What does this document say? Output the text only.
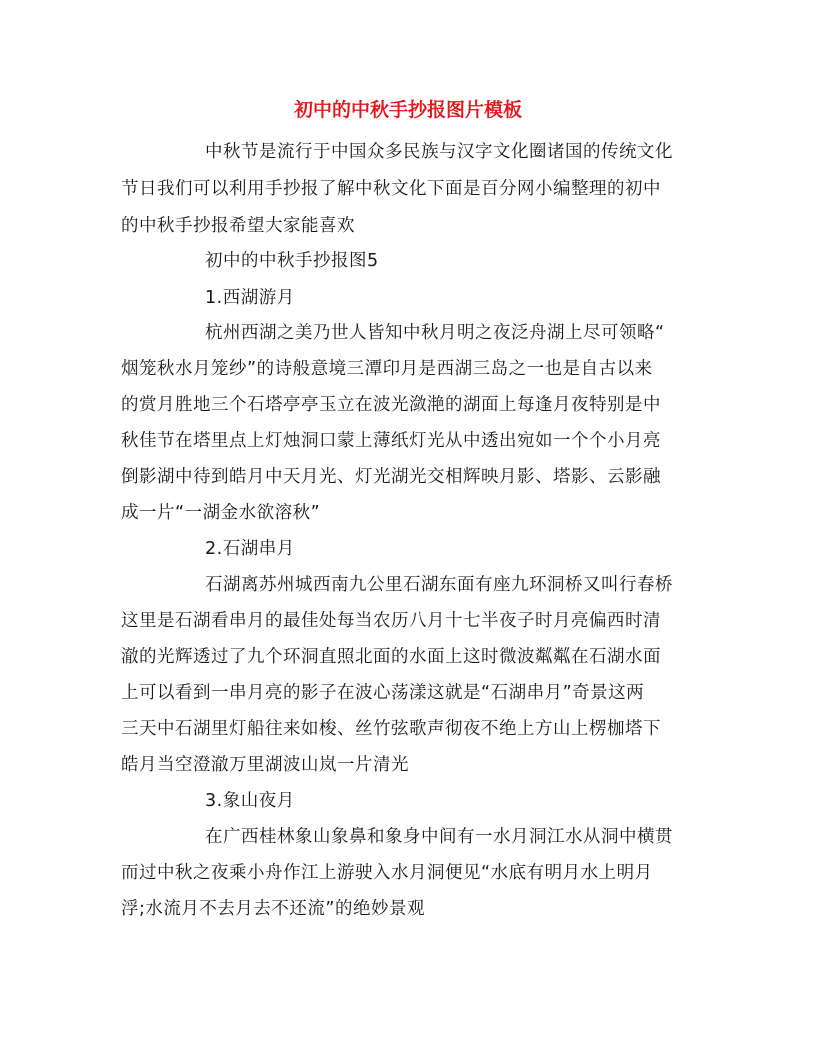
初中的中秋手抄报图片模板
中秋节是流行于中国众多民族与汉字文化圈诸国的传统文化
节日我们可以利用手抄报了解中秋文化下面是百分网小编整理的初中
的中秋手抄报希望大家能喜欢
初中的中秋手抄报图5
1.西湖游月
杭州西湖之美乃世人皆知中秋月明之夜泛舟湖上尽可领略“
烟笼秋水月笼纱”的诗般意境三潭印月是西湖三岛之一也是自古以来
的赏月胜地三个石塔亭亭玉立在波光潋滟的湖面上每逢月夜特别是中
秋佳节在塔里点上灯烛洞口蒙上薄纸灯光从中透出宛如一个个小月亮
倒影湖中待到皓月中天月光、灯光湖光交相辉映月影、塔影、云影融
成一片“一湖金水欲溶秋”
2.石湖串月
石湖离苏州城西南九公里石湖东面有座九环洞桥又叫行春桥
这里是石湖看串月的最佳处每当农历八月十七半夜子时月亮偏西时清
澈的光辉透过了九个环洞直照北面的水面上这时微波粼粼在石湖水面
上可以看到一串月亮的影子在波心荡漾这就是“石湖串月”奇景这两
三天中石湖里灯船往来如梭、丝竹弦歌声彻夜不绝上方山上楞枷塔下
皓月当空澄澈万里湖波山岚一片清光
3.象山夜月
在广西桂林象山象鼻和象身中间有一水月洞江水从洞中横贯
而过中秋之夜乘小舟作江上游驶入水月洞便见“水底有明月水上明月
浮;水流月不去月去不还流”的绝妙景观
